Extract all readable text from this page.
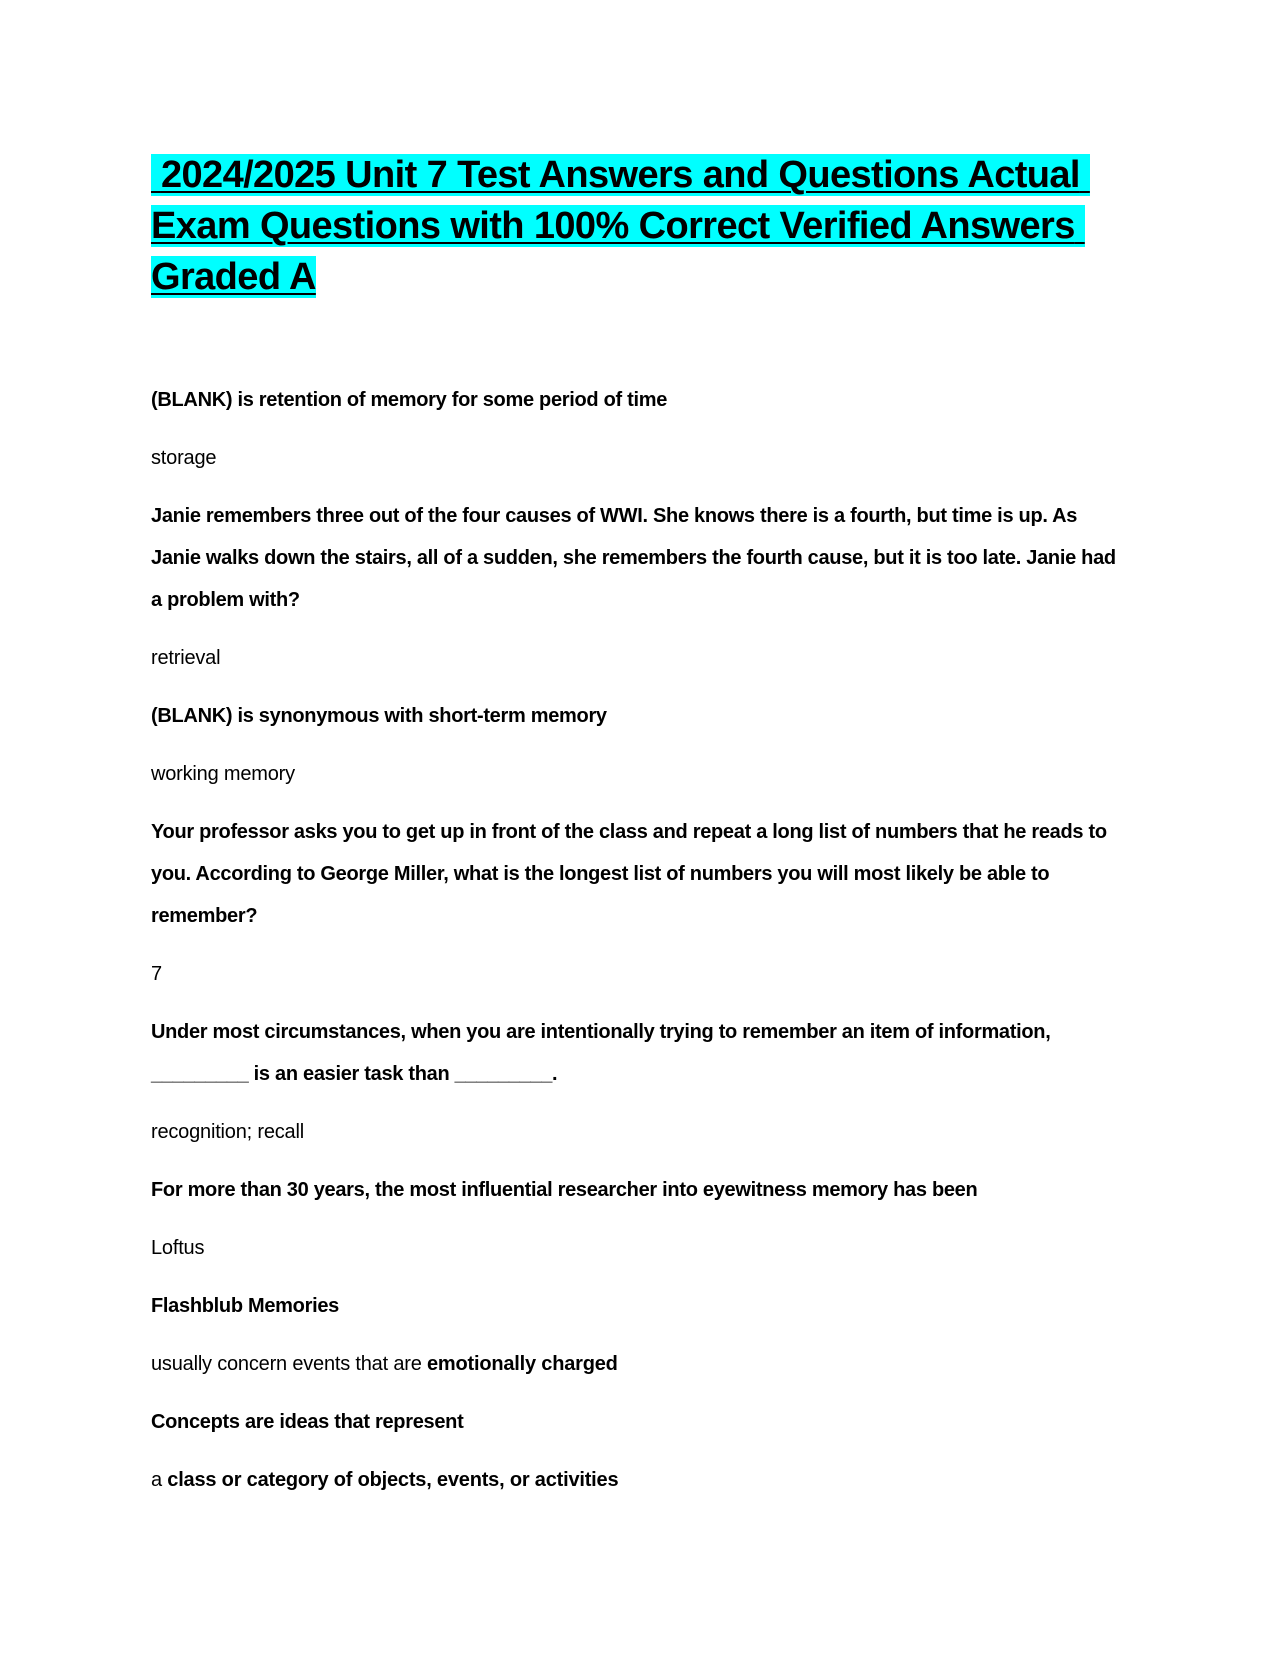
2024/2025 Unit 7 Test Answers and Questions Actual Exam Questions with 100% Correct Verified Answers Graded A

(BLANK) is retention of memory for some period of time

storage

Janie remembers three out of the four causes of WWI. She knows there is a fourth, but time is up. As Janie walks down the stairs, all of a sudden, she remembers the fourth cause, but it is too late. Janie had a problem with?

retrieval

(BLANK) is synonymous with short-term memory

working memory

Your professor asks you to get up in front of the class and repeat a long list of numbers that he reads to you. According to George Miller, what is the longest list of numbers you will most likely be able to remember?

7

Under most circumstances, when you are intentionally trying to remember an item of information, _________ is an easier task than _________.

recognition; recall

For more than 30 years, the most influential researcher into eyewitness memory has been

Loftus

Flashblub Memories

usually concern events that are emotionally charged

Concepts are ideas that represent

a class or category of objects, events, or activities
